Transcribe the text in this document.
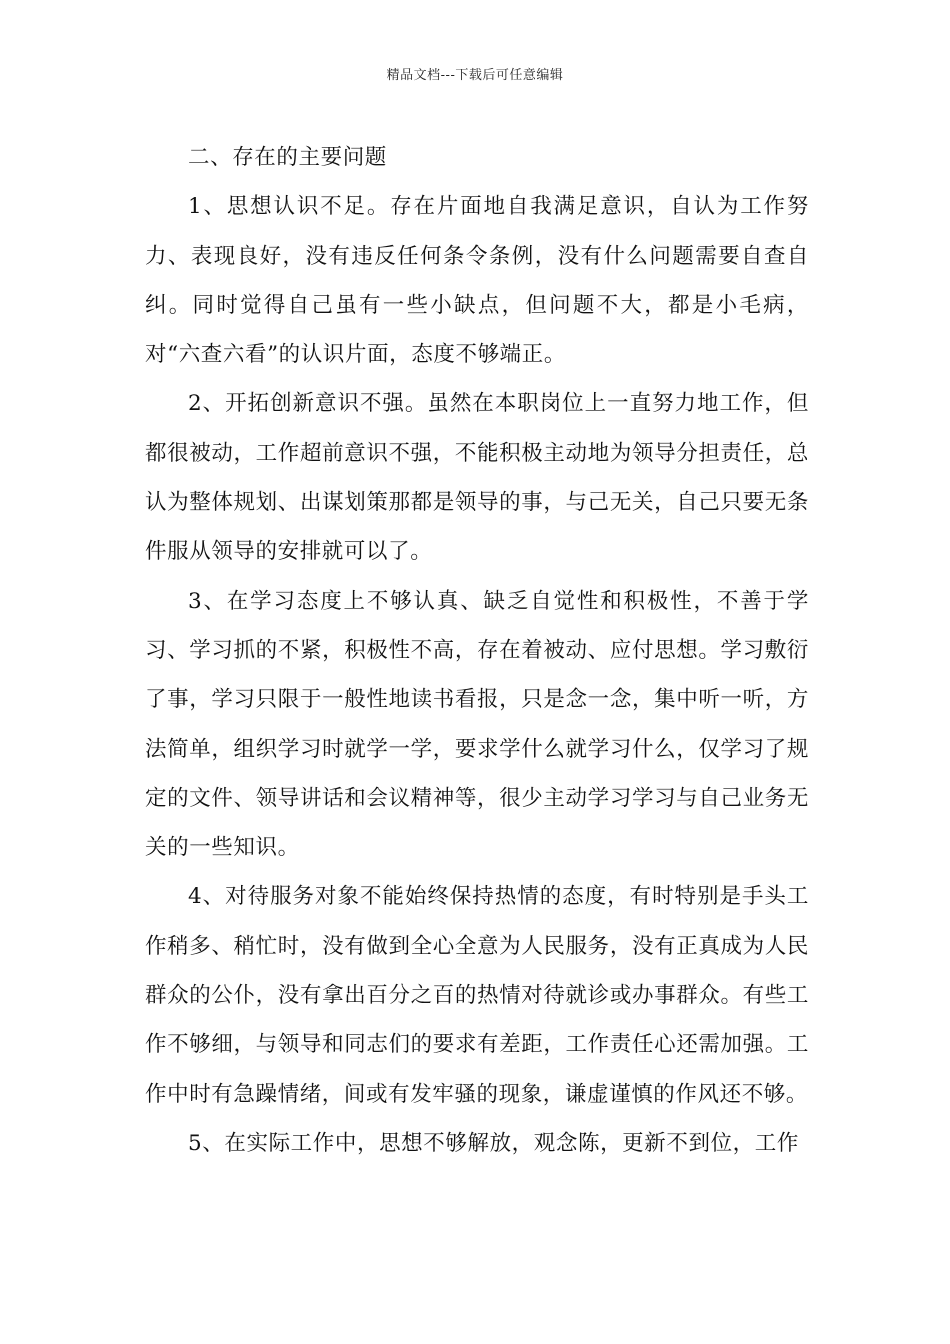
精品文档---下载后可任意编辑
二、存在的主要问题

1、思想认识不足。存在片面地自我满足意识，自认为工作努力、表现良好，没有违反任何条令条例，没有什么问题需要自查自纠。同时觉得自己虽有一些小缺点，但问题不大，都是小毛病，对“六查六看”的认识片面，态度不够端正。

2、开拓创新意识不强。虽然在本职岗位上一直努力地工作，但都很被动，工作超前意识不强，不能积极主动地为领导分担责任，总认为整体规划、出谋划策那都是领导的事，与己无关，自己只要无条件服从领导的安排就可以了。

3、在学习态度上不够认真、缺乏自觉性和积极性，不善于学习、学习抓的不紧，积极性不高，存在着被动、应付思想。学习敷衍了事，学习只限于一般性地读书看报，只是念一念，集中听一听，方法简单，组织学习时就学一学，要求学什么就学习什么，仅学习了规定的文件、领导讲话和会议精神等，很少主动学习学习与自己业务无关的一些知识。

4、对待服务对象不能始终保持热情的态度，有时特别是手头工作稍多、稍忙时，没有做到全心全意为人民服务，没有正真成为人民群众的公仆，没有拿出百分之百的热情对待就诊或办事群众。有些工作不够细，与领导和同志们的要求有差距，工作责任心还需加强。工作中时有急躁情绪，间或有发牢骚的现象，谦虚谨慎的作风还不够。

5、在实际工作中，思想不够解放，观念陈，更新不到位，工作
